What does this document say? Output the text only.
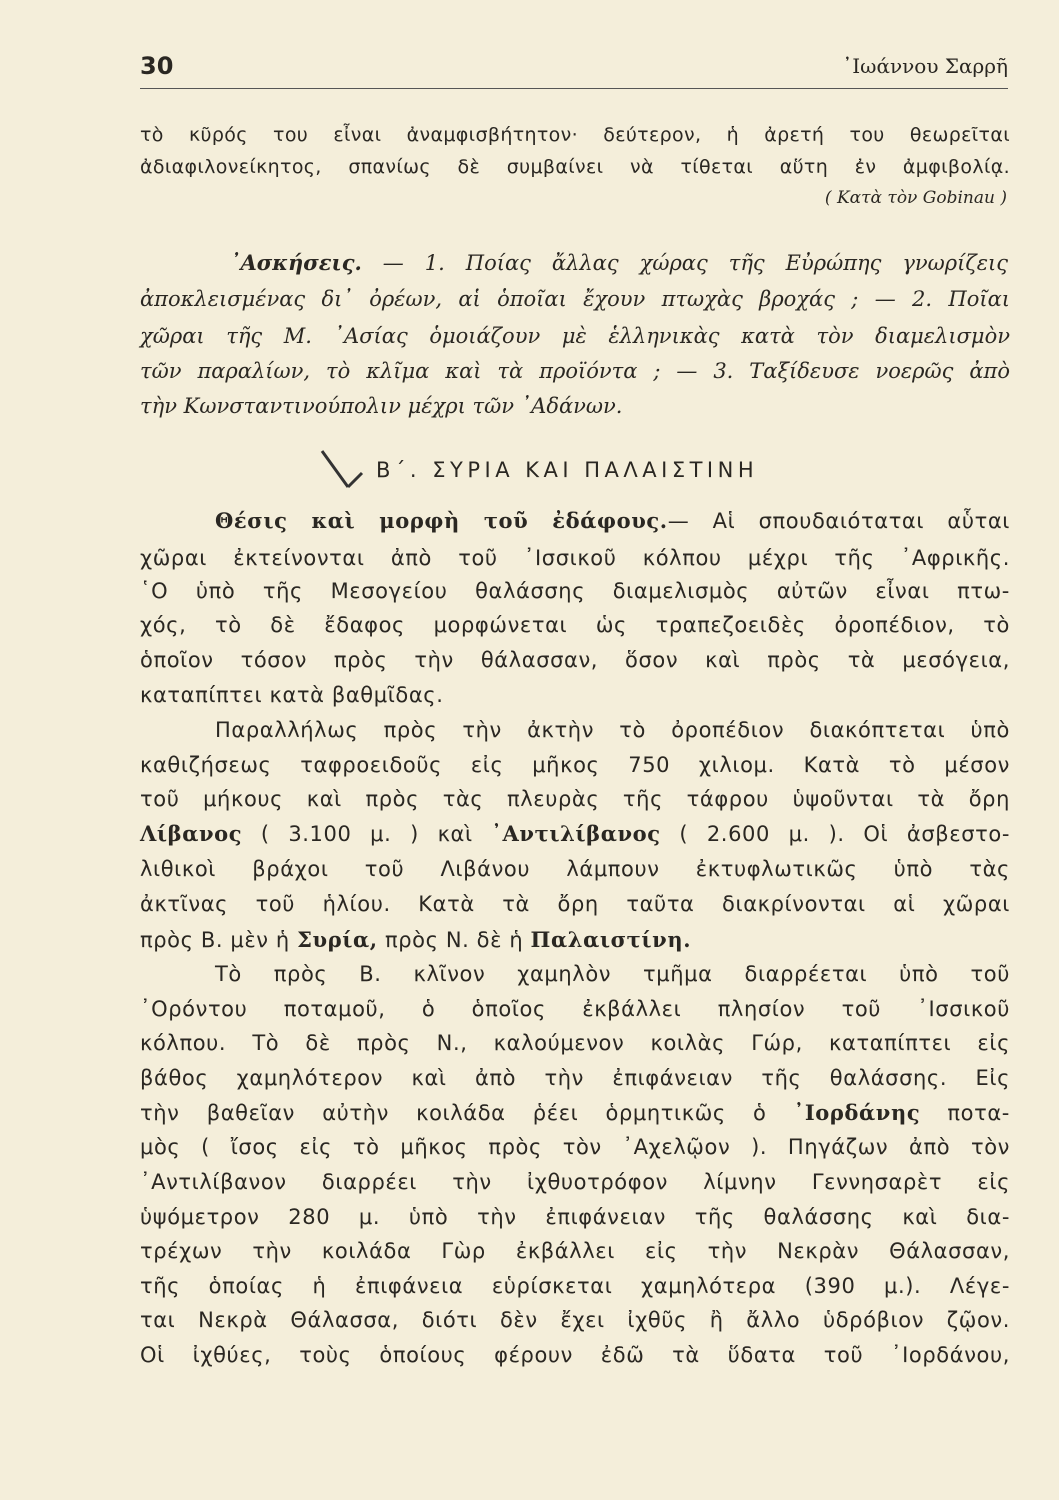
30	᾿Ιωάννου Σαρρῆ
τὸ κῦρός του εἶναι ἀναμφισβήτητον· δεύτερον, ἡ ἀρετή του θεωρεῖται
ἀδιαφιλονείκητος, σπανίως δὲ συμβαίνει νὰ τίθεται αὕτη ἐν ἀμφιβολίᾳ.
( Κατὰ τὸν Gobinau )
᾿Ασκήσεις. — 1. Ποίας ἄλλας χώρας τῆς Εὐρώπης γνωρίζεις
ἀποκλεισμένας δι᾿ ὀρέων, αἱ ὁποῖαι ἔχουν πτωχὰς βροχάς ; — 2. Ποῖαι
χῶραι τῆς Μ. ᾿Ασίας ὁμοιάζουν μὲ ἑλληνικὰς κατὰ τὸν διαμελισμὸν
τῶν παραλίων, τὸ κλῖμα καὶ τὰ προϊόντα ; — 3. Ταξίδευσε νοερῶς ἀπὸ
τὴν Κωνσταντινούπολιν μέχρι τῶν ᾿Αδάνων.
Β΄. ΣΥΡΙΑ ΚΑΙ ΠΑΛΑΙΣΤΙΝΗ
Θέσις καὶ μορφὴ τοῦ ἐδάφους.— Αἱ σπουδαιόταται αὗται
χῶραι ἐκτείνονται ἀπὸ τοῦ ᾿Ισσικοῦ κόλπου μέχρι τῆς ᾿Αφρικῆς.
῾Ο ὑπὸ τῆς Μεσογείου θαλάσσης διαμελισμὸς αὐτῶν εἶναι πτω-
χός, τὸ δὲ ἔδαφος μορφώνεται ὡς τραπεζοειδὲς ὀροπέδιον, τὸ
ὁποῖον τόσον πρὸς τὴν θάλασσαν, ὅσον καὶ πρὸς τὰ μεσόγεια,
καταπίπτει κατὰ βαθμῖδας.
Παραλλήλως πρὸς τὴν ἀκτὴν τὸ ὀροπέδιον διακόπτεται ὑπὸ
καθιζήσεως ταφροειδοῦς εἰς μῆκος 750 χιλιομ. Κατὰ τὸ μέσον
τοῦ μήκους καὶ πρὸς τὰς πλευρὰς τῆς τάφρου ὑψοῦνται τὰ ὄρη
Λίβανος ( 3.100 μ. ) καὶ ᾿Αντιλίβανος ( 2.600 μ. ). Οἱ ἀσβεστο-
λιθικοὶ βράχοι τοῦ Λιβάνου λάμπουν ἐκτυφλωτικῶς ὑπὸ τὰς
ἀκτῖνας τοῦ ἡλίου. Κατὰ τὰ ὄρη ταῦτα διακρίνονται αἱ χῶραι
πρὸς Β. μὲν ἡ Συρία, πρὸς Ν. δὲ ἡ Παλαιστίνη.
Τὸ πρὸς Β. κλῖνον χαμηλὸν τμῆμα διαρρέεται ὑπὸ τοῦ
᾿Ορόντου ποταμοῦ, ὁ ὁποῖος ἐκβάλλει πλησίον τοῦ ᾿Ισσικοῦ
κόλπου. Τὸ δὲ πρὸς Ν., καλούμενον κοιλὰς Γώρ, καταπίπτει εἰς
βάθος χαμηλότερον καὶ ἀπὸ τὴν ἐπιφάνειαν τῆς θαλάσσης. Εἰς
τὴν βαθεῖαν αὐτὴν κοιλάδα ῥέει ὁρμητικῶς ὁ ᾿Ιορδάνης ποτα-
μὸς ( ἴσος εἰς τὸ μῆκος πρὸς τὸν ᾿Αχελῷον ). Πηγάζων ἀπὸ τὸν
᾿Αντιλίβανον διαρρέει τὴν ἰχθυοτρόφον λίμνην Γεννησαρὲτ εἰς
ὑψόμετρον 280 μ. ὑπὸ τὴν ἐπιφάνειαν τῆς θαλάσσης καὶ δια-
τρέχων τὴν κοιλάδα Γὼρ ἐκβάλλει εἰς τὴν Νεκρὰν Θάλασσαν,
τῆς ὁποίας ἡ ἐπιφάνεια εὑρίσκεται χαμηλότερα (390 μ.). Λέγε-
ται Νεκρὰ Θάλασσα, διότι δὲν ἔχει ἰχθῦς ἢ ἄλλο ὑδρόβιον ζῷον.
Οἱ ἰχθύες, τοὺς ὁποίους φέρουν ἐδῶ τὰ ὕδατα τοῦ ᾿Ιορδάνου,
